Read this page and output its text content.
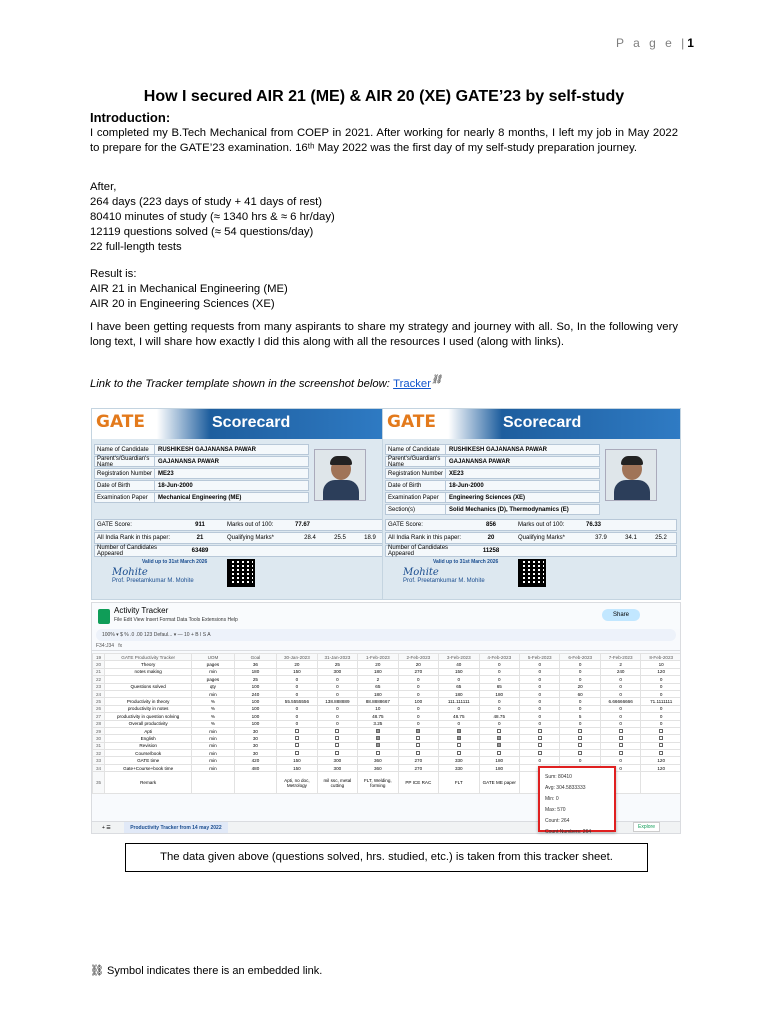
P a g e |1
How I secured AIR 21 (ME) & AIR 20 (XE) GATE’23 by self-study
Introduction:
I completed my B.Tech Mechanical from COEP in 2021. After working for nearly 8 months, I left my job in May 2022 to prepare for the GATE’23 examination. 16ᵗʰ May 2022 was the first day of my self-study preparation journey.
After,
264 days (223 days of study + 41 days of rest)
80410 minutes of study (≈ 1340 hrs & ≈ 6 hr/day)
12119 questions solved (≈ 54 questions/day)
22 full-length tests
Result is:
AIR 21 in Mechanical Engineering (ME)
AIR 20 in Engineering Sciences (XE)
I have been getting requests from many aspirants to share my strategy and journey with all. So, In the following very long text, I will share how exactly I did this along with all the resources I used (along with links).
Link to the Tracker template shown in the screenshot below: Tracker⛓
GATE	Scorecard
Name of Candidate	RUSHIKESH GAJANANSA PAWAR
Parent's/Guardian's Name	GAJANANSA PAWAR
Registration Number ME23
Date of Birth	18-Jun-2000
Examination Paper	Mechanical Engineering (ME)
GATE Score:	911	Marks out of 100:	77.67
All India Rank in this paper:	21	Qualifying Marks*	28.4	25.5	18.9
Number of Candidates Appeared	63489
Valid up to 31st March 2026
Mohite
Prof. Preetamkumar M. Mohite
GATE	Scorecard
Name of Candidate	RUSHIKESH GAJANANSA PAWAR
Parent's/Guardian's Name	GAJANANSA PAWAR
Registration Number XE23
Date of Birth	18-Jun-2000
Examination Paper	Engineering Sciences (XE)
Section(s)	Solid Mechanics (D), Thermodynamics (E)
GATE Score:	856	Marks out of 100:	76.33
All India Rank in this paper:	20	Qualifying Marks*	37.9	34.1	25.2
Number of Candidates Appeared	11258
Valid up to 31st March 2026
Mohite
Prof. Preetamkumar M. Mohite
Activity Tracker
File Edit View Insert Format Data Tools Extensions Help
Share
100% ▾ $ % .0 .00 123 Defaul... ▾ — 10 + B I S A
F34:J34   fx
19	GATE Productivity Tracker	UOM	Goal	30-Jan-2023	31-Jan-2023	1-Feb-2023	2-Feb-2023	3-Feb-2023	4-Feb-2023	5-Feb-2023	6-Feb-2023	7-Feb-2023	8-Feb-2023
20	Theory	pages	36	20	25	20	20	40	0	0	0	2	10
21	notes making	min	180	150	300	180	270	150	0	0	0	240	120
22		pages	25	0	0	2	0	0	0	0	0	0	0
23	Questions solved	qty	100	0	0	65	0	65	65	0	20	0	0
24		min	240	0	0	180	0	180	180	0	60	0	0
25	Productivity in theory	%	100	55.5555556	138.888889	88.8888667	100	111.111111	0	0	0	6.66666666	71.1111111
26	productivity in notes	%	100	0	0	10	0	0	0	0	0	0	0
27	productivity in question solving	%	100	0	0	48.75	0	48.75	48.75	0	5	0	0
28	Overall productivity	%	100	0	0	3.25	0	0	0	0	0	0	0
29	Apti	min	30										
30	English	min	30										
31	Revision	min	30										
32	Course/book	min	30										
33	GATE time	min	420	150	300	360	270	330	180	0	0	0	120
34	Gate+Course+book time	min	480	150	300	360	270	330	180			0	120
35	Remark			Apti, no doc, Metrology	mil ssc, metal cutting	FLT, Welding, forming	PP ICE RAC	FLT	GATE ME paper				
+ ☰	Productivity Tracker from 14 may 2022	Explore
Sum: 80410
Avg: 304.5833333
Min: 0
Max: 570
Count: 264
Count Numbers: 264
The data given above (questions solved, hrs. studied, etc.) is taken from this tracker sheet.
⛓ Symbol indicates there is an embedded link.
